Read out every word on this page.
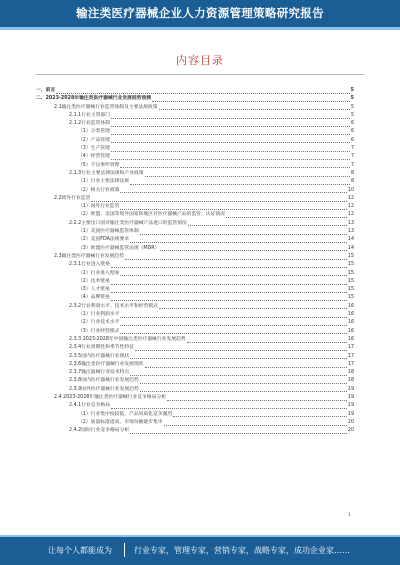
输注类医疗器械企业人力资源管理策略研究报告
内容目录
一、前言	5
二、2023-2028年输注类医疗器械行业发展趋势预测	5
2.1输注类医疗器械行业监管体制及主要法规政策	5
2.1.1行业主管部门	5
2.1.2行业监管体制	6
（1）分类管理	6
（2）产品管理	6
（3）生产管理	7
（4）经营管理	7
（5）不良事件管理	7
2.1.3行业主要法律法规和产业政策	8
（1）行业主要法律法规	8
（2）相关行业政策	10
2.2境外行业监管	12
（1）国外行业监管	12
（2）欧盟、美国等境外国家和地区对医疗器械产品的监管、认证情况	12
2.2.2主要出口国对输注类医疗器械产品进口的监管情况	13
（1）美国医疗器械监管体制	13
（2）美国FDA法规要求	14
（3）欧盟医疗器械监管法规（MDR）	14
2.3输注类医疗器械行业发展趋势	15
2.3.1行业进入壁垒	15
（1）行业准入壁垒	15
（2）技术壁垒	15
（3）人才壁垒	15
（4）品牌壁垒	15
2.3.2行业利润水平、技术水平和经营模式	16
（1）行业利润水平	16
（2）行业技术水平	16
（3）行业经营模式	16
2.3.3 2023-2028年中国输注类医疗器械行业发展趋势	16
2.3.4行业周期性和季节性特征	17
2.3.5国内医疗器械行业现状	17
2.3.6输注类医疗器械行业发展现状	17
2.3.7输注器械行业技术特点	18
2.3.8国内医疗器械行业发展趋势	18
2.3.9国外医疗器械行业发展趋势	19
2.4 2023-2028年输注类医疗器械行业竞争格局分析	19
2.4.1行业竞争格局	19
（1）行业集中度较低，产品同质化竞争激烈	19
（2）质量标准提高，市场份额逐步集中	20
2.4.2国际行业竞争格局分析	20
1
让每个人都能成为	行业专家，管理专家，营销专家，战略专家，成功企业家……
